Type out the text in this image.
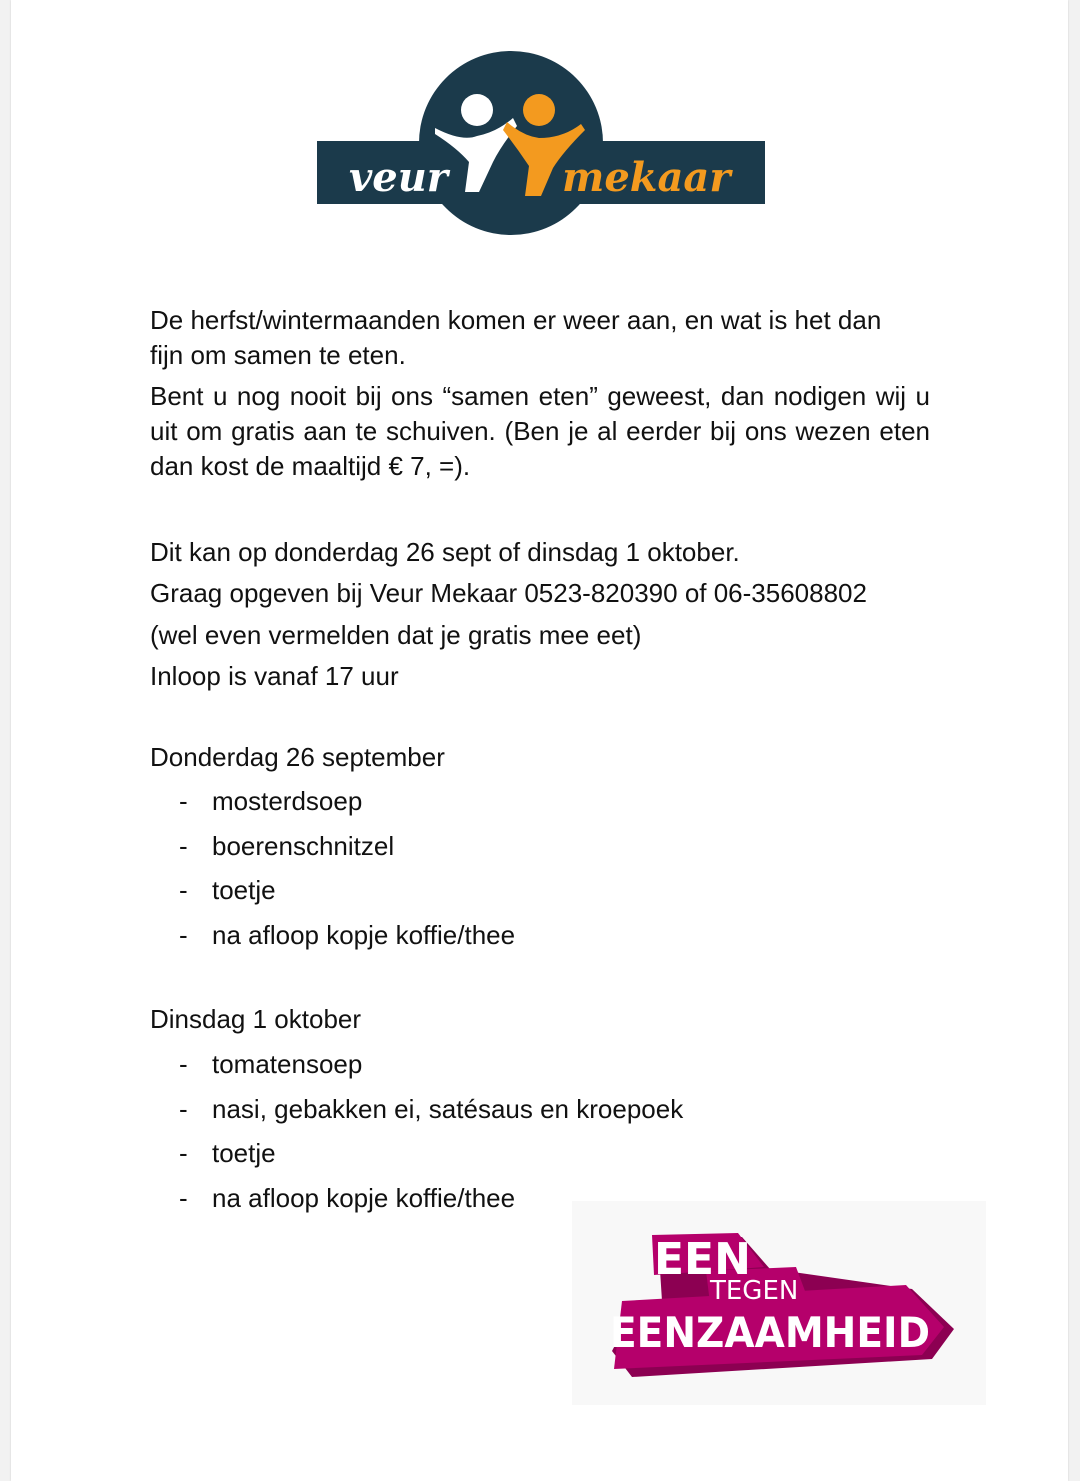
veur	mekaar

De herfst/wintermaanden komen er weer aan, en wat is het dan
fijn om samen te eten.

Bent u nog nooit bij ons “samen eten” geweest, dan nodigen wij u uit om gratis aan te schuiven. (Ben je al eerder bij ons wezen eten dan kost de maaltijd € 7, =).

Dit kan op donderdag 26 sept of dinsdag 1 oktober.
Graag opgeven bij Veur Mekaar 0523-820390 of 06-35608802
(wel even vermelden dat je gratis mee eet)
Inloop is vanaf 17 uur

Donderdag 26 september
- mosterdsoep
- boerenschnitzel
- toetje
- na afloop kopje koffie/thee
Dinsdag 1 oktober
- tomatensoep
- nasi, gebakken ei, satésaus en kroepoek
- toetje
- na afloop kopje koffie/thee
EEN
TEGEN
EENZAAMHEID
